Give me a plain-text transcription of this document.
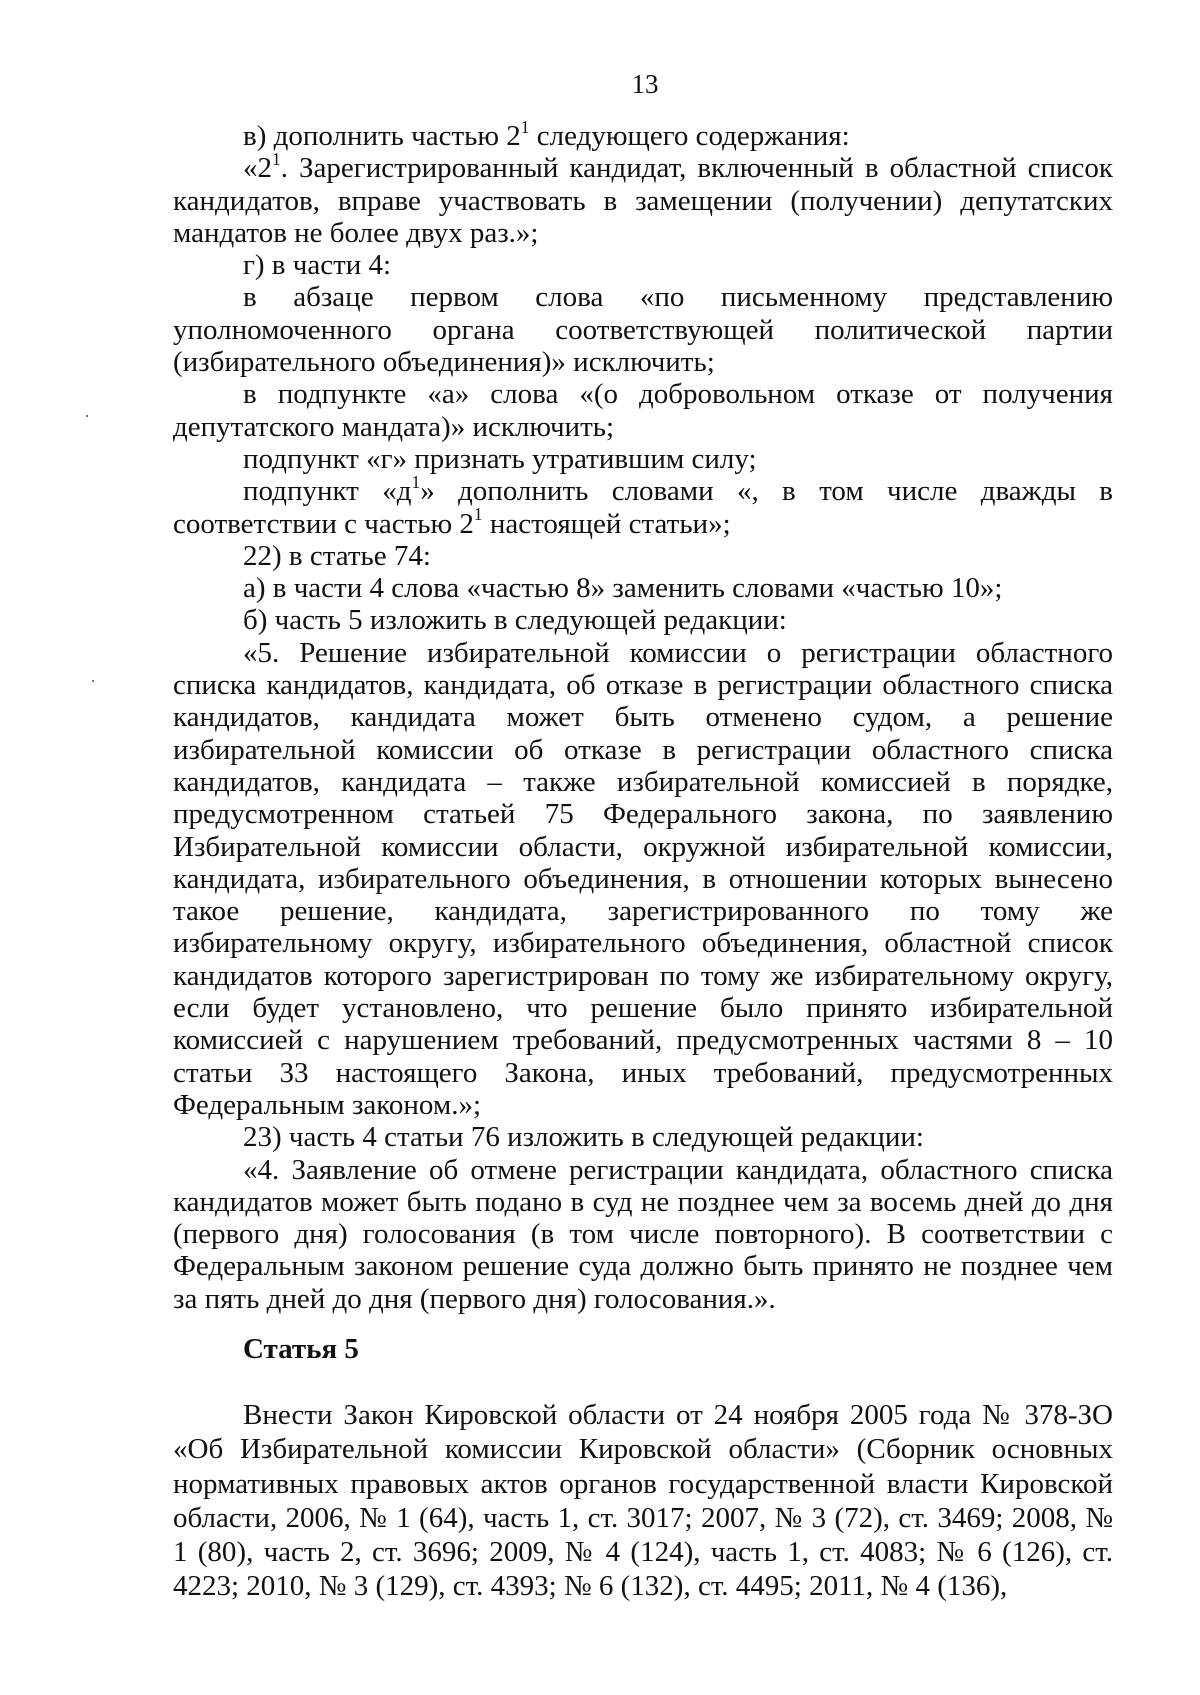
13

в) дополнить частью $2^1$ следующего содержания:

«$2^1$. Зарегистрированный кандидат, включенный в областной список кандидатов, вправе участвовать в замещении (получении) депутатских мандатов не более двух раз.»;

г) в части 4:

в абзаце первом слова «по письменному представлению уполномоченного органа соответствующей политической партии (избирательного объединения)» исключить;

в подпункте «а» слова «(о добровольном отказе от получения депутатского мандата)» исключить;

подпункт «г» признать утратившим силу;

подпункт «$д^1$» дополнить словами «, в том числе дважды в соответствии с частью $2^1$ настоящей статьи»;

22) в статье 74:

а) в части 4 слова «частью 8» заменить словами «частью 10»;

б) часть 5 изложить в следующей редакции:

«5. Решение избирательной комиссии о регистрации областного списка кандидатов, кандидата, об отказе в регистрации областного списка кандидатов, кандидата может быть отменено судом, а решение избирательной комиссии об отказе в регистрации областного списка кандидатов, кандидата – также избирательной комиссией в порядке, предусмотренном статьей 75 Федерального закона, по заявлению Избирательной комиссии области, окружной избирательной комиссии, кандидата, избирательного объединения, в отношении которых вынесено такое решение, кандидата, зарегистрированного по тому же избирательному округу, избирательного объединения, областной список кандидатов которого зарегистрирован по тому же избирательному округу, если будет установлено, что решение было принято избирательной комиссией с нарушением требований, предусмотренных частями 8 – 10 статьи 33 настоящего Закона, иных требований, предусмотренных Федеральным законом.»;

23) часть 4 статьи 76 изложить в следующей редакции:

«4. Заявление об отмене регистрации кандидата, областного списка кандидатов может быть подано в суд не позднее чем за восемь дней до дня (первого дня) голосования (в том числе повторного). В соответствии с Федеральным законом решение суда должно быть принято не позднее чем за пять дней до дня (первого дня) голосования.».

Статья 5

Внести Закон Кировской области от 24 ноября 2005 года № 378-ЗО «Об Избирательной комиссии Кировской области» (Сборник основных нормативных правовых актов органов государственной власти Кировской области, 2006, № 1 (64), часть 1, ст. 3017; 2007, № 3 (72), ст. 3469; 2008, № 1 (80), часть 2, ст. 3696; 2009, № 4 (124), часть 1, ст. 4083; № 6 (126), ст. 4223; 2010, № 3 (129), ст. 4393; № 6 (132), ст. 4495; 2011, № 4 (136),
